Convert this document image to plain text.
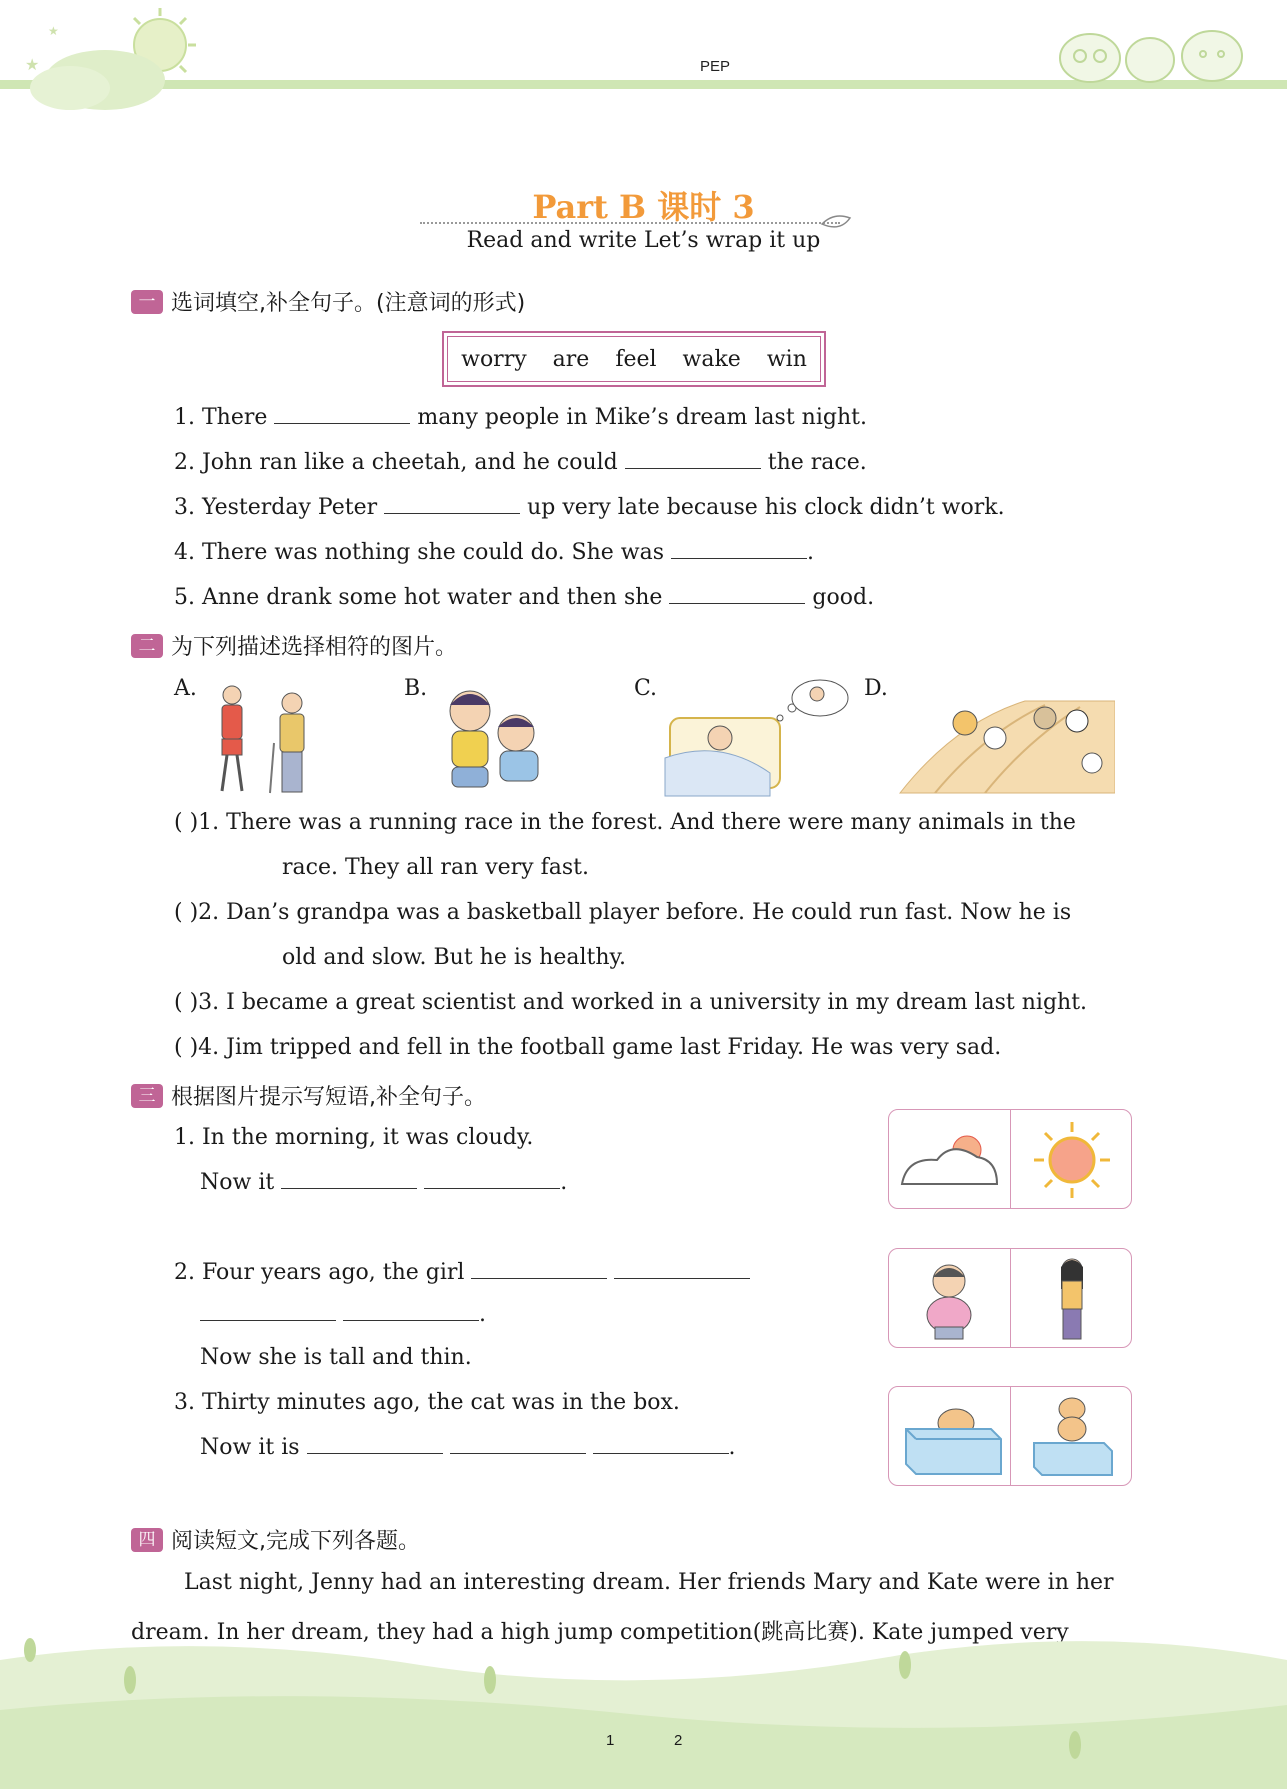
★
★
PEP
Part B 课时 3
Read and write Let’s wrap it up
一 选词填空,补全句子。(注意词的形式)
worry are feel wake win
1. There	many people in Mike’s dream last night.
2. John ran like a cheetah, and he could	the race.
3. Yesterday Peter	up very late because his clock didn’t work.
4. There was nothing she could do. She was	.
5. Anne drank some hot water and then she	good.
二 为下列描述选择相符的图片。
A.	B.	C.	D.
( )1. There was a running race in the forest. And there were many animals in the
race. They all ran very fast.
( )2. Dan’s grandpa was a basketball player before. He could run fast. Now he is
old and slow. But he is healthy.
( )3. I became a great scientist and worked in a university in my dream last night.
( )4. Jim tripped and fell in the football game last Friday. He was very sad.
三 根据图片提示写短语,补全句子。
1. In the morning, it was cloudy.
Now it	.
2. Four years ago, the girl
.
Now she is tall and thin.
3. Thirty minutes ago, the cat was in the box.
Now it is	.
四 阅读短文,完成下列各题。
Last night, Jenny had an interesting dream. Her friends Mary and Kate were in her
dream. In her dream, they had a high jump competition(跳高比赛). Kate jumped very
1	2
